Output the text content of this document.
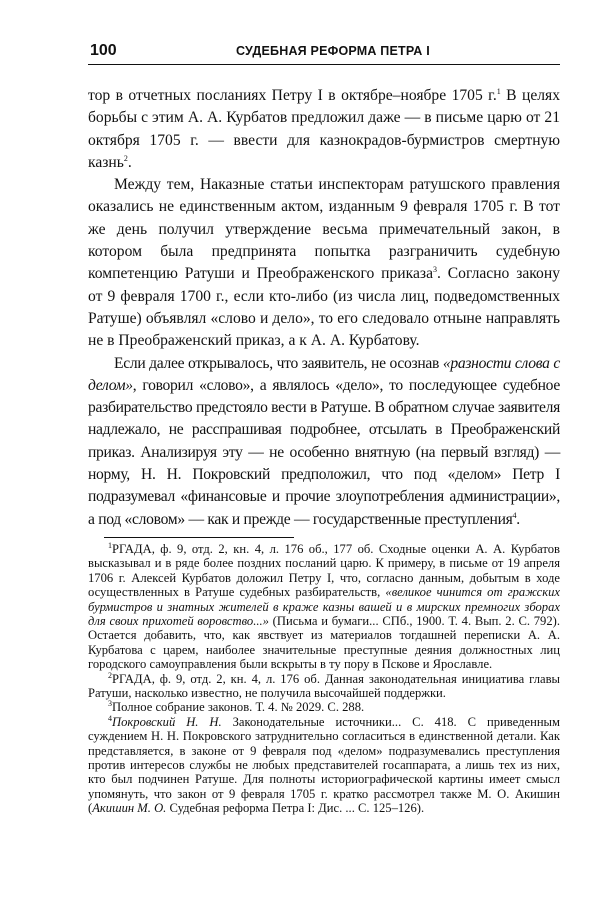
100	СУДЕБНАЯ РЕФОРМА ПЕТРА I

тор в отчетных посланиях Петру I в октябре–ноябре 1705 г.$^1$ В целях борьбы с этим А. А. Курбатов предложил даже — в письме царю от 21 октября 1705 г. — ввести для казнокрадов-бурмистров смертную казнь$^2$.

Между тем, Наказные статьи инспекторам ратушского правления оказались не единственным актом, изданным 9 февраля 1705 г. В тот же день получил утверждение весьма примечательный закон, в котором была предпринята попытка разграничить судебную компетенцию Ратуши и Преображенского приказа$^3$. Согласно закону от 9 февраля 1700 г., если кто-либо (из числа лиц, подведомственных Ратуше) объявлял «слово и дело», то его следовало отныне направлять не в Преображенский приказ, а к А. А. Курбатову.

Если далее открывалось, что заявитель, не осознав «разности слова с делом», говорил «слово», а являлось «дело», то последующее судебное разбирательство предстояло вести в Ратуше. В обратном случае заявителя надлежало, не расспрашивая подробнее, отсылать в Преображенский приказ. Анализируя эту — не особенно внятную (на первый взгляд) — норму, Н. Н. Покровский предположил, что под «делом» Петр I подразумевал «финансовые и прочие злоупотребления администрации», а под «словом» — как и прежде — государственные преступления$^4$.

$^1$РГАДА, ф. 9, отд. 2, кн. 4, л. 176 об., 177 об. Сходные оценки А. А. Курбатов высказывал и в ряде более поздних посланий царю. К примеру, в письме от 19 апреля 1706 г. Алексей Курбатов доложил Петру I, что, согласно данным, добытым в ходе осуществленных в Ратуше судебных разбирательств, «великое чинится от гражских бурмистров и знатных жителей в краже казны вашей и в мирских премногих зборах для своих прихотей воровство...» (Письма и бумаги... СПб., 1900. Т. 4. Вып. 2. С. 792). Остается добавить, что, как явствует из материалов тогдашней переписки А. А. Курбатова с царем, наиболее значительные преступные деяния должностных лиц городского самоуправления были вскрыты в ту пору в Пскове и Ярославле.

$^2$РГАДА, ф. 9, отд. 2, кн. 4, л. 176 об. Данная законодательная инициатива главы Ратуши, насколько известно, не получила высочайшей поддержки.

$^3$Полное собрание законов. Т. 4. № 2029. С. 288.

$^4$Покровский Н. Н. Законодательные источники... С. 418. С приведенным суждением Н. Н. Покровского затруднительно согласиться в единственной детали. Как представляется, в законе от 9 февраля под «делом» подразумевались преступления против интересов службы не любых представителей госаппарата, а лишь тех из них, кто был подчинен Ратуше. Для полноты историографической картины имеет смысл упомянуть, что закон от 9 февраля 1705 г. кратко рассмотрел также М. О. Акишин (Акишин М. О. Судебная реформа Петра I: Дис. ... С. 125–126).
